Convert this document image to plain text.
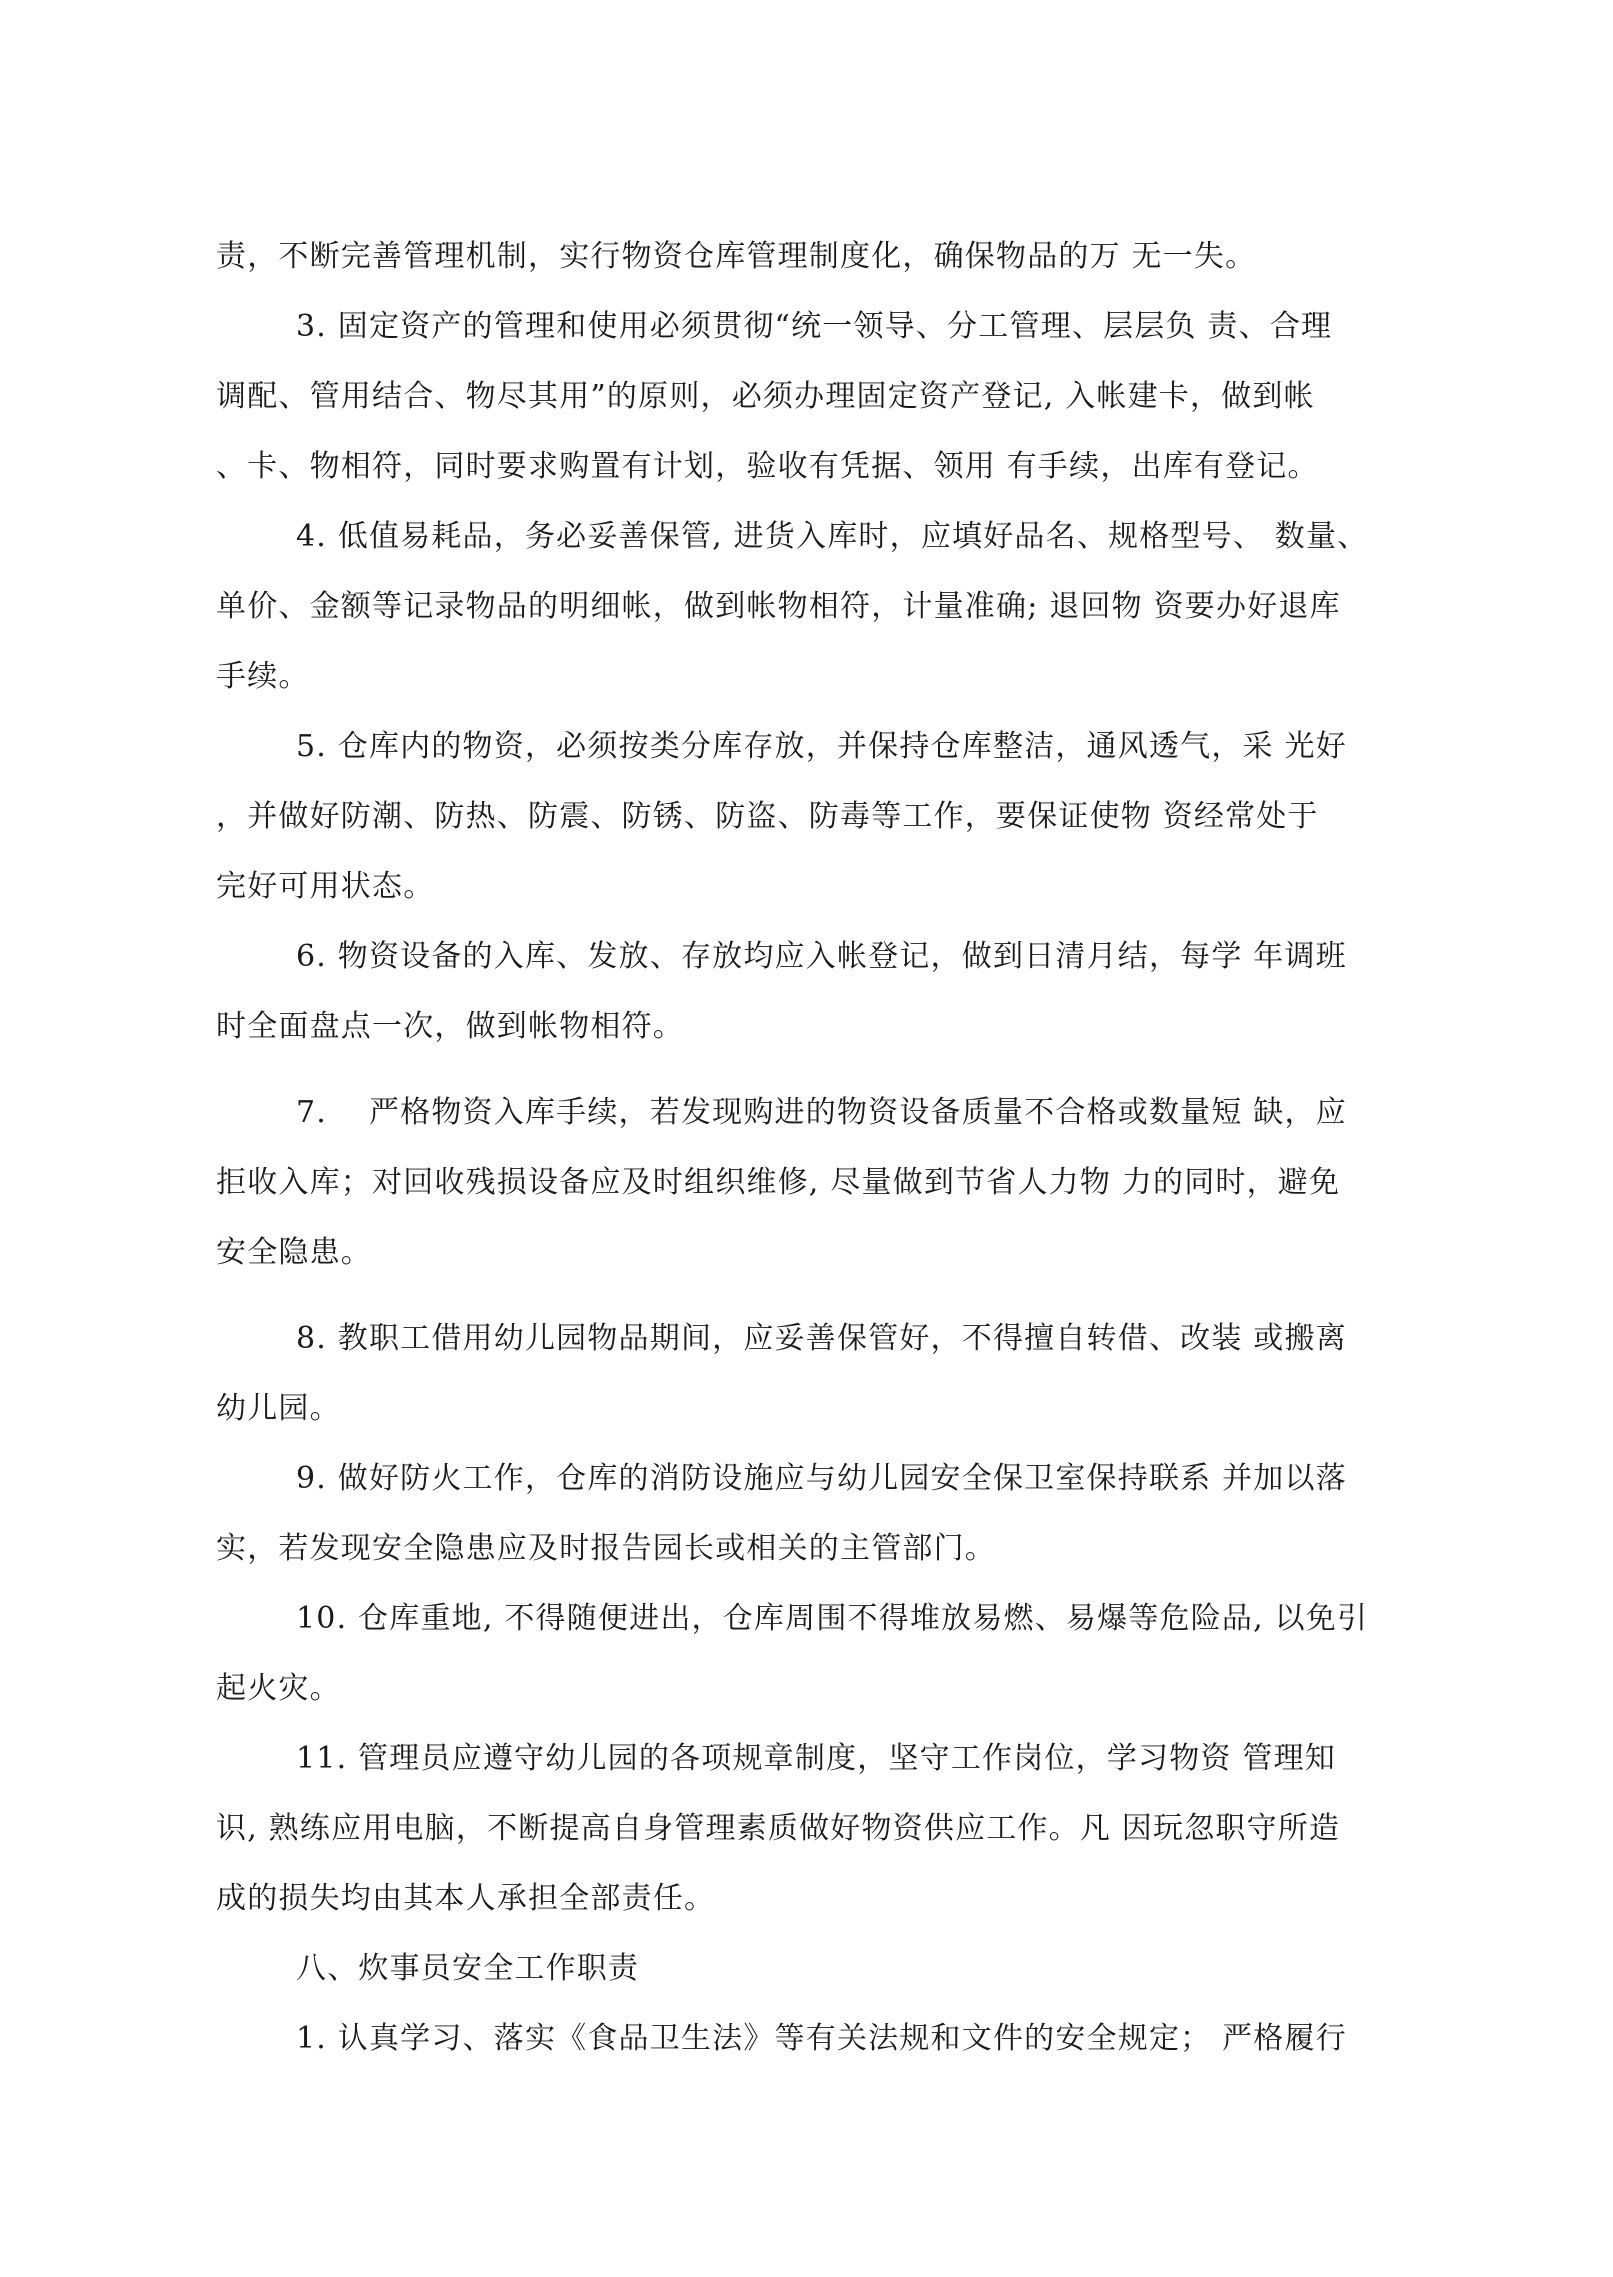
责，不断完善管理机制，实行物资仓库管理制度化，确保物品的万 无一失。
3. 固定资产的管理和使用必须贯彻“统一领导、分工管理、层层负 责、合理
调配、管用结合、物尽其用”的原则，必须办理固定资产登记, 入帐建卡，做到帐
、卡、物相符，同时要求购置有计划，验收有凭据、领用 有手续，出库有登记。
4. 低值易耗品，务必妥善保管, 进货入库时，应填好品名、规格型号、 数量、
单价、金额等记录物品的明细帐，做到帐物相符，计量准确; 退回物 资要办好退库
手续。
5. 仓库内的物资，必须按类分库存放，并保持仓库整洁，通风透气，采 光好
，并做好防潮、防热、防震、防锈、防盗、防毒等工作，要保证使物 资经常处于
完好可用状态。
6. 物资设备的入库、发放、存放均应入帐登记，做到日清月结，每学 年调班
时全面盘点一次，做到帐物相符。
7.　 严格物资入库手续，若发现购进的物资设备质量不合格或数量短 缺，应
拒收入库；对回收残损设备应及时组织维修, 尽量做到节省人力物 力的同时，避免
安全隐患。
8. 教职工借用幼儿园物品期间，应妥善保管好，不得擅自转借、改装 或搬离
幼儿园。
9. 做好防火工作，仓库的消防设施应与幼儿园安全保卫室保持联系 并加以落
实，若发现安全隐患应及时报告园长或相关的主管部门。
10. 仓库重地, 不得随便进出，仓库周围不得堆放易燃、易爆等危险品, 以免引
起火灾。
11. 管理员应遵守幼儿园的各项规章制度，坚守工作岗位，学习物资 管理知
识, 熟练应用电脑，不断提高自身管理素质做好物资供应工作。凡 因玩忽职守所造
成的损失均由其本人承担全部责任。
八、炊事员安全工作职责
1. 认真学习、落实《食品卫生法》等有关法规和文件的安全规定； 严格履行
